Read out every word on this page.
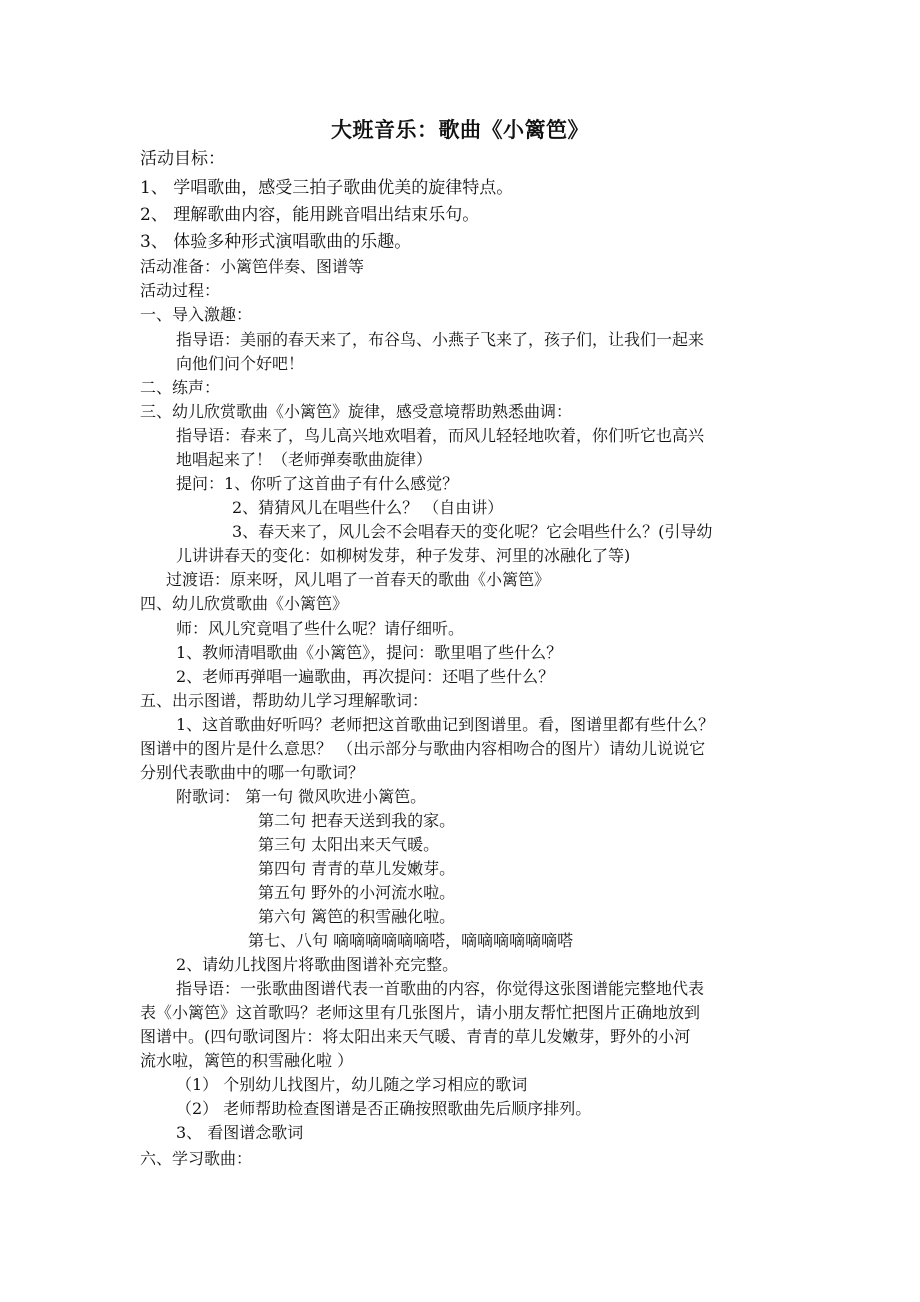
大班音乐：歌曲《小篱笆》
活动目标：
1、 学唱歌曲，感受三拍子歌曲优美的旋律特点。
2、 理解歌曲内容，能用跳音唱出结束乐句。
3、 体验多种形式演唱歌曲的乐趣。
活动准备：小篱笆伴奏、图谱等
活动过程：
一、导入激趣：
指导语：美丽的春天来了，布谷鸟、小燕子飞来了，孩子们，让我们一起来
向他们问个好吧！
二、练声：
三、幼儿欣赏歌曲《小篱笆》旋律，感受意境帮助熟悉曲调：
指导语：春来了，鸟儿高兴地欢唱着，而风儿轻轻地吹着，你们听它也高兴
地唱起来了！（老师弹奏歌曲旋律）
提问：1、你听了这首曲子有什么感觉？
2、猜猜风儿在唱些什么？ （自由讲）
3、春天来了，风儿会不会唱春天的变化呢？它会唱些什么？(引导幼
儿讲讲春天的变化：如柳树发芽，种子发芽、河里的冰融化了等)
过渡语：原来呀，风儿唱了一首春天的歌曲《小篱笆》
四、幼儿欣赏歌曲《小篱笆》
师：风儿究竟唱了些什么呢？请仔细听。
1、教师清唱歌曲《小篱笆》，提问：歌里唱了些什么？
2、老师再弹唱一遍歌曲，再次提问：还唱了些什么？
五、出示图谱，帮助幼儿学习理解歌词：
1、这首歌曲好听吗？老师把这首歌曲记到图谱里。看，图谱里都有些什么？
图谱中的图片是什么意思？ （出示部分与歌曲内容相吻合的图片）请幼儿说说它
分别代表歌曲中的哪一句歌词？
附歌词： 第一句 微风吹进小篱笆。
第二句 把春天送到我的家。
第三句 太阳出来天气暖。
第四句 青青的草儿发嫩芽。
第五句 野外的小河流水啦。
第六句 篱笆的积雪融化啦。
第七、八句 嘀嘀嘀嘀嘀嘀嗒，嘀嘀嘀嘀嘀嘀嗒
2、请幼儿找图片将歌曲图谱补充完整。
指导语：一张歌曲图谱代表一首歌曲的内容，你觉得这张图谱能完整地代表
表《小篱笆》这首歌吗？老师这里有几张图片，请小朋友帮忙把图片正确地放到
图谱中。(四句歌词图片：将太阳出来天气暖、青青的草儿发嫩芽，野外的小河
流水啦，篱笆的积雪融化啦 ）
（1） 个别幼儿找图片，幼儿随之学习相应的歌词
（2） 老师帮助检查图谱是否正确按照歌曲先后顺序排列。
3、 看图谱念歌词
六、学习歌曲：
